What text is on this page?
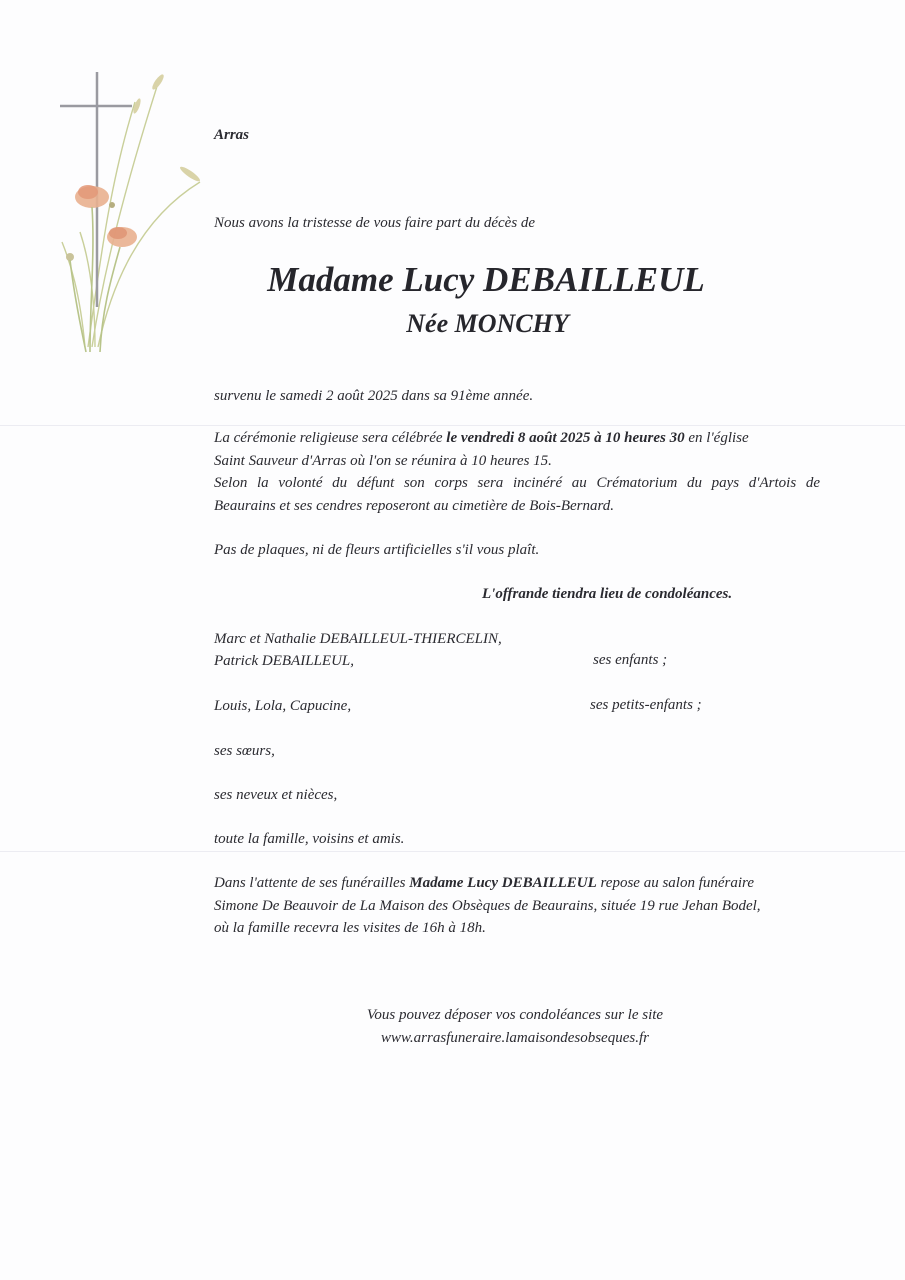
Arras
Nous avons la tristesse de vous faire part du décès de
Madame Lucy DEBAILLEUL
Née MONCHY
survenu le samedi 2 août 2025 dans sa 91ème année.
La cérémonie religieuse sera célébrée le vendredi 8 août 2025 à 10 heures 30 en l'église
Saint Sauveur d'Arras où l'on se réunira à 10 heures 15.
Selon la volonté du défunt son corps sera incinéré au Crématorium du pays d'Artois de
Beaurains et ses cendres reposeront au cimetière de Bois-Bernard.
Pas de plaques, ni de fleurs artificielles s'il vous plaît.
L'offrande tiendra lieu de condoléances.
Marc et Nathalie DEBAILLEUL-THIERCELIN,
Patrick DEBAILLEUL,	ses enfants ;
Louis, Lola, Capucine,	ses petits-enfants ;
ses sœurs,
ses neveux et nièces,
toute la famille, voisins et amis.
Dans l'attente de ses funérailles Madame Lucy DEBAILLEUL repose au salon funéraire
Simone De Beauvoir de La Maison des Obsèques de Beaurains, située 19 rue Jehan Bodel,
où la famille recevra les visites de 16h à 18h.
Vous pouvez déposer vos condoléances sur le site
www.arrasfuneraire.lamaisondesobseques.fr
